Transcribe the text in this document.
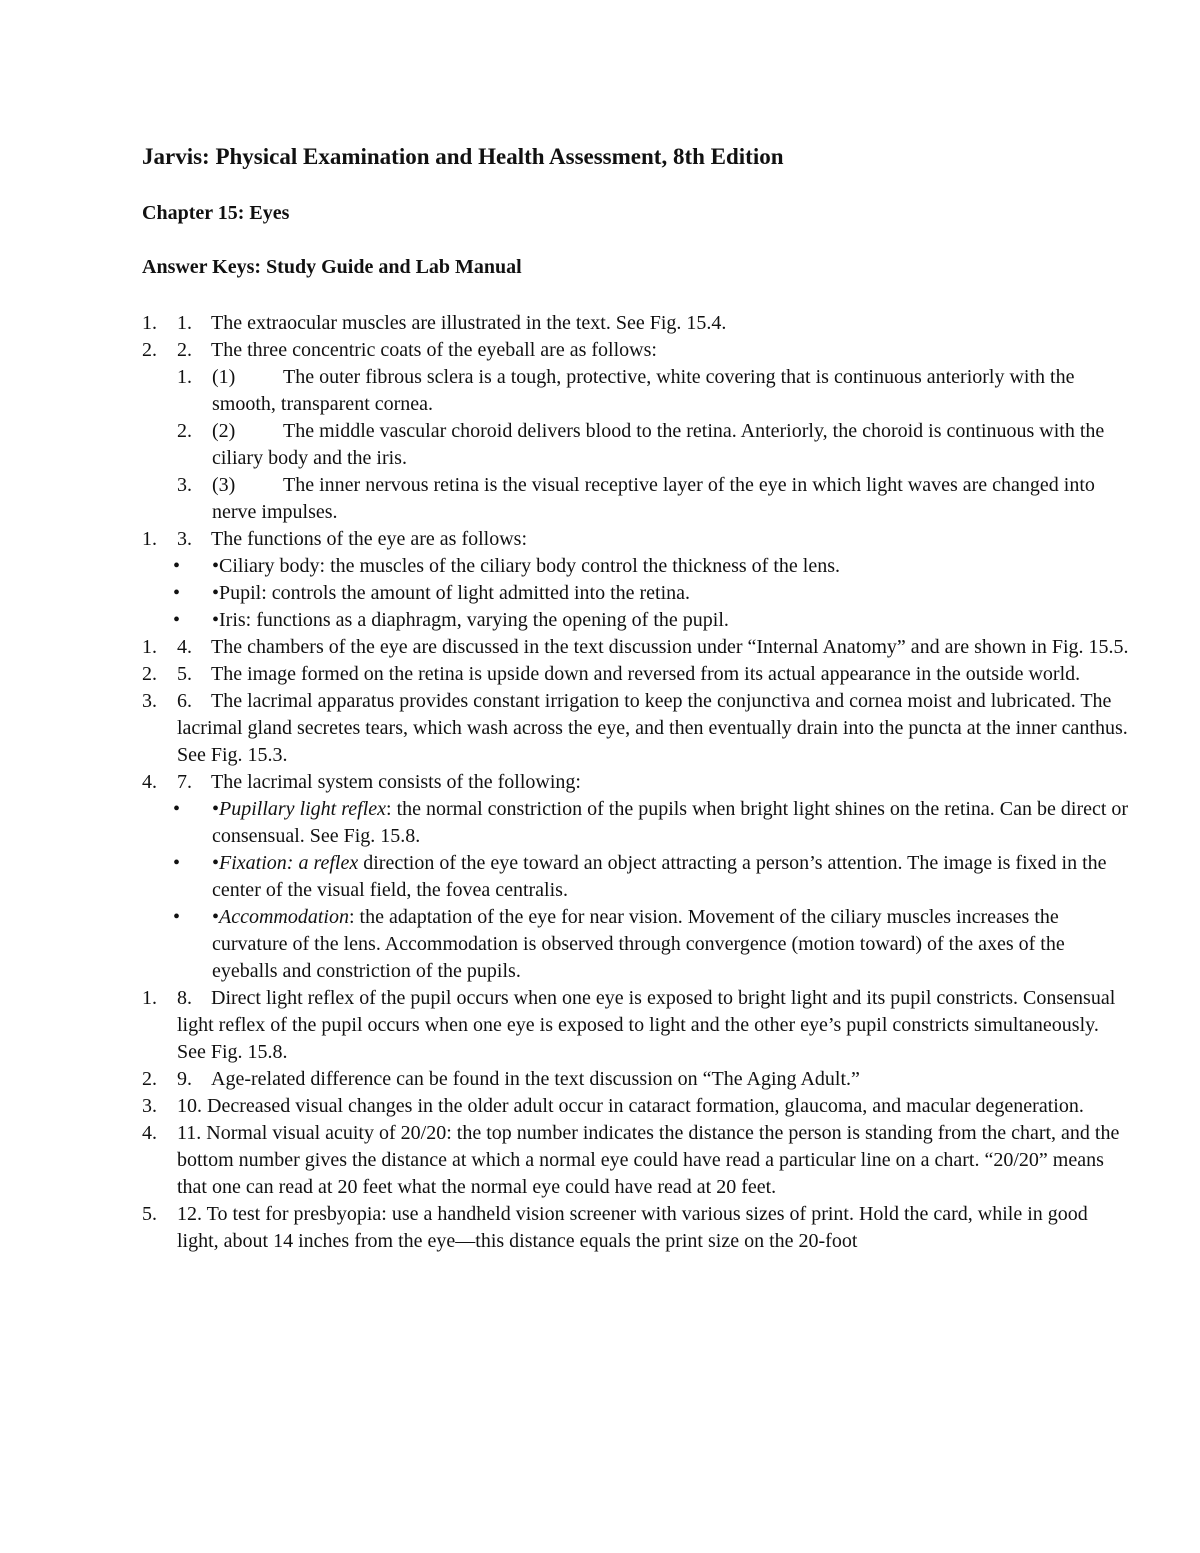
Jarvis: Physical Examination and Health Assessment, 8th Edition
Chapter 15: Eyes
Answer Keys: Study Guide and Lab Manual
1.	1. The extraocular muscles are illustrated in the text. See Fig. 15.4.
2.	2. The three concentric coats of the eyeball are as follows:
1.	(1) The outer fibrous sclera is a tough, protective, white covering that is continuous anteriorly with the smooth, transparent cornea.
2.	(2) The middle vascular choroid delivers blood to the retina. Anteriorly, the choroid is continuous with the ciliary body and the iris.
3.	(3) The inner nervous retina is the visual receptive layer of the eye in which light waves are changed into nerve impulses.
1.	3. The functions of the eye are as follows:
•	•Ciliary body: the muscles of the ciliary body control the thickness of the lens.
•	•Pupil: controls the amount of light admitted into the retina.
•	•Iris: functions as a diaphragm, varying the opening of the pupil.
1.	4. The chambers of the eye are discussed in the text discussion under “Internal Anatomy” and are shown in Fig. 15.5.
2.	5. The image formed on the retina is upside down and reversed from its actual appearance in the outside world.
3.	6. The lacrimal apparatus provides constant irrigation to keep the conjunctiva and cornea moist and lubricated. The lacrimal gland secretes tears, which wash across the eye, and then eventually drain into the puncta at the inner canthus. See Fig. 15.3.
4.	7. The lacrimal system consists of the following:
•	•Pupillary light reflex: the normal constriction of the pupils when bright light shines on the retina. Can be direct or consensual. See Fig. 15.8.
•	•Fixation: a reflex direction of the eye toward an object attracting a person’s attention. The image is fixed in the center of the visual field, the fovea centralis.
•	•Accommodation: the adaptation of the eye for near vision. Movement of the ciliary muscles increases the curvature of the lens. Accommodation is observed through convergence (motion toward) of the axes of the eyeballs and constriction of the pupils.
1.	8. Direct light reflex of the pupil occurs when one eye is exposed to bright light and its pupil constricts. Consensual light reflex of the pupil occurs when one eye is exposed to light and the other eye’s pupil constricts simultaneously. See Fig. 15.8.
2.	9. Age-related difference can be found in the text discussion on “The Aging Adult.”
3.	10. Decreased visual changes in the older adult occur in cataract formation, glaucoma, and macular degeneration.
4.	11. Normal visual acuity of 20/20: the top number indicates the distance the person is standing from the chart, and the bottom number gives the distance at which a normal eye could have read a particular line on a chart. “20/20” means that one can read at 20 feet what the normal eye could have read at 20 feet.
5.	12. To test for presbyopia: use a handheld vision screener with various sizes of print. Hold the card, while in good light, about 14 inches from the eye—this distance equals the print size on the 20-foot
